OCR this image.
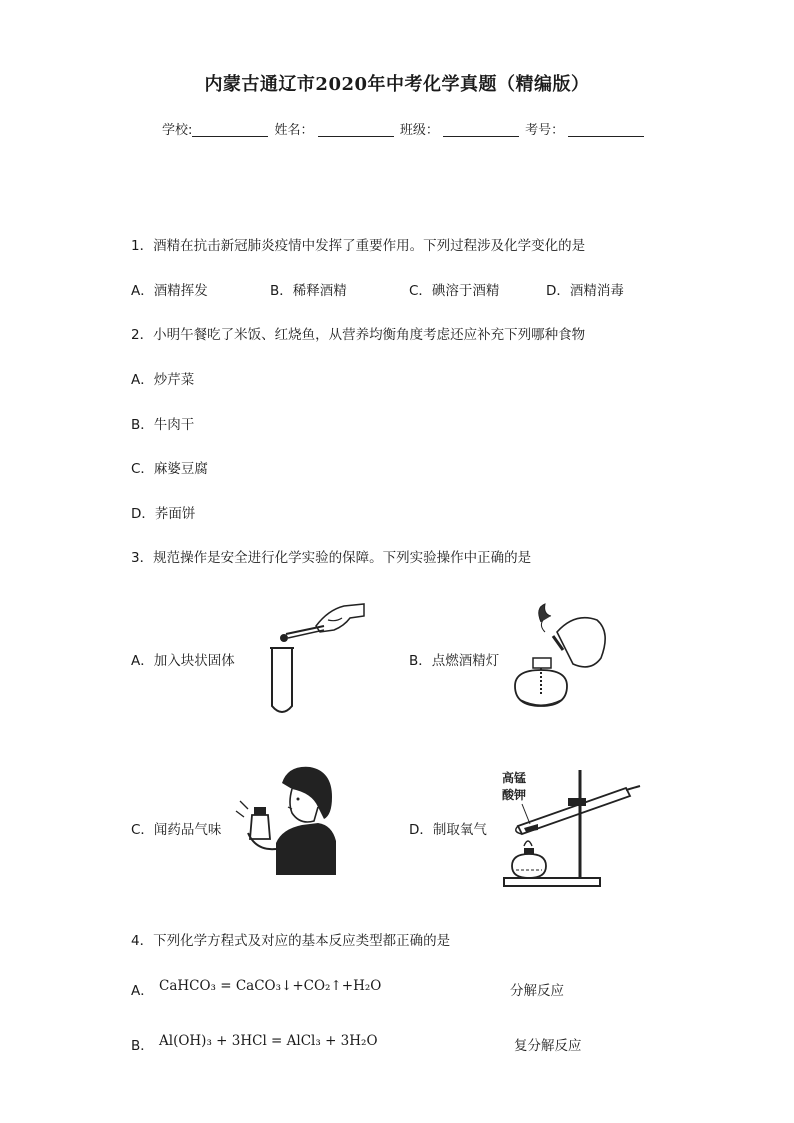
内蒙古通辽市2020年中考化学真题（精编版）
学校:	姓名：	班级：	考号：
1．酒精在抗击新冠肺炎疫情中发挥了重要作用。下列过程涉及化学变化的是
A．酒精挥发	B．稀释酒精	C．碘溶于酒精	D．酒精消毒
2．小明午餐吃了米饭、红烧鱼，从营养均衡角度考虑还应补充下列哪种食物
A．炒芹菜
B．牛肉干
C．麻婆豆腐
D．荞面饼
3．规范操作是安全进行化学实验的保障。下列实验操作中正确的是
A．加入块状固体	B．点燃酒精灯
C．闻药品气味	D．制取氧气
高锰
酸钾
4．下列化学方程式及对应的基本反应类型都正确的是
A． CaHCO₃ = CaCO₃↓+CO₂↑+H₂O	分解反应
B． Al(OH)₃ + 3HCl = AlCl₃ + 3H₂O	复分解反应
